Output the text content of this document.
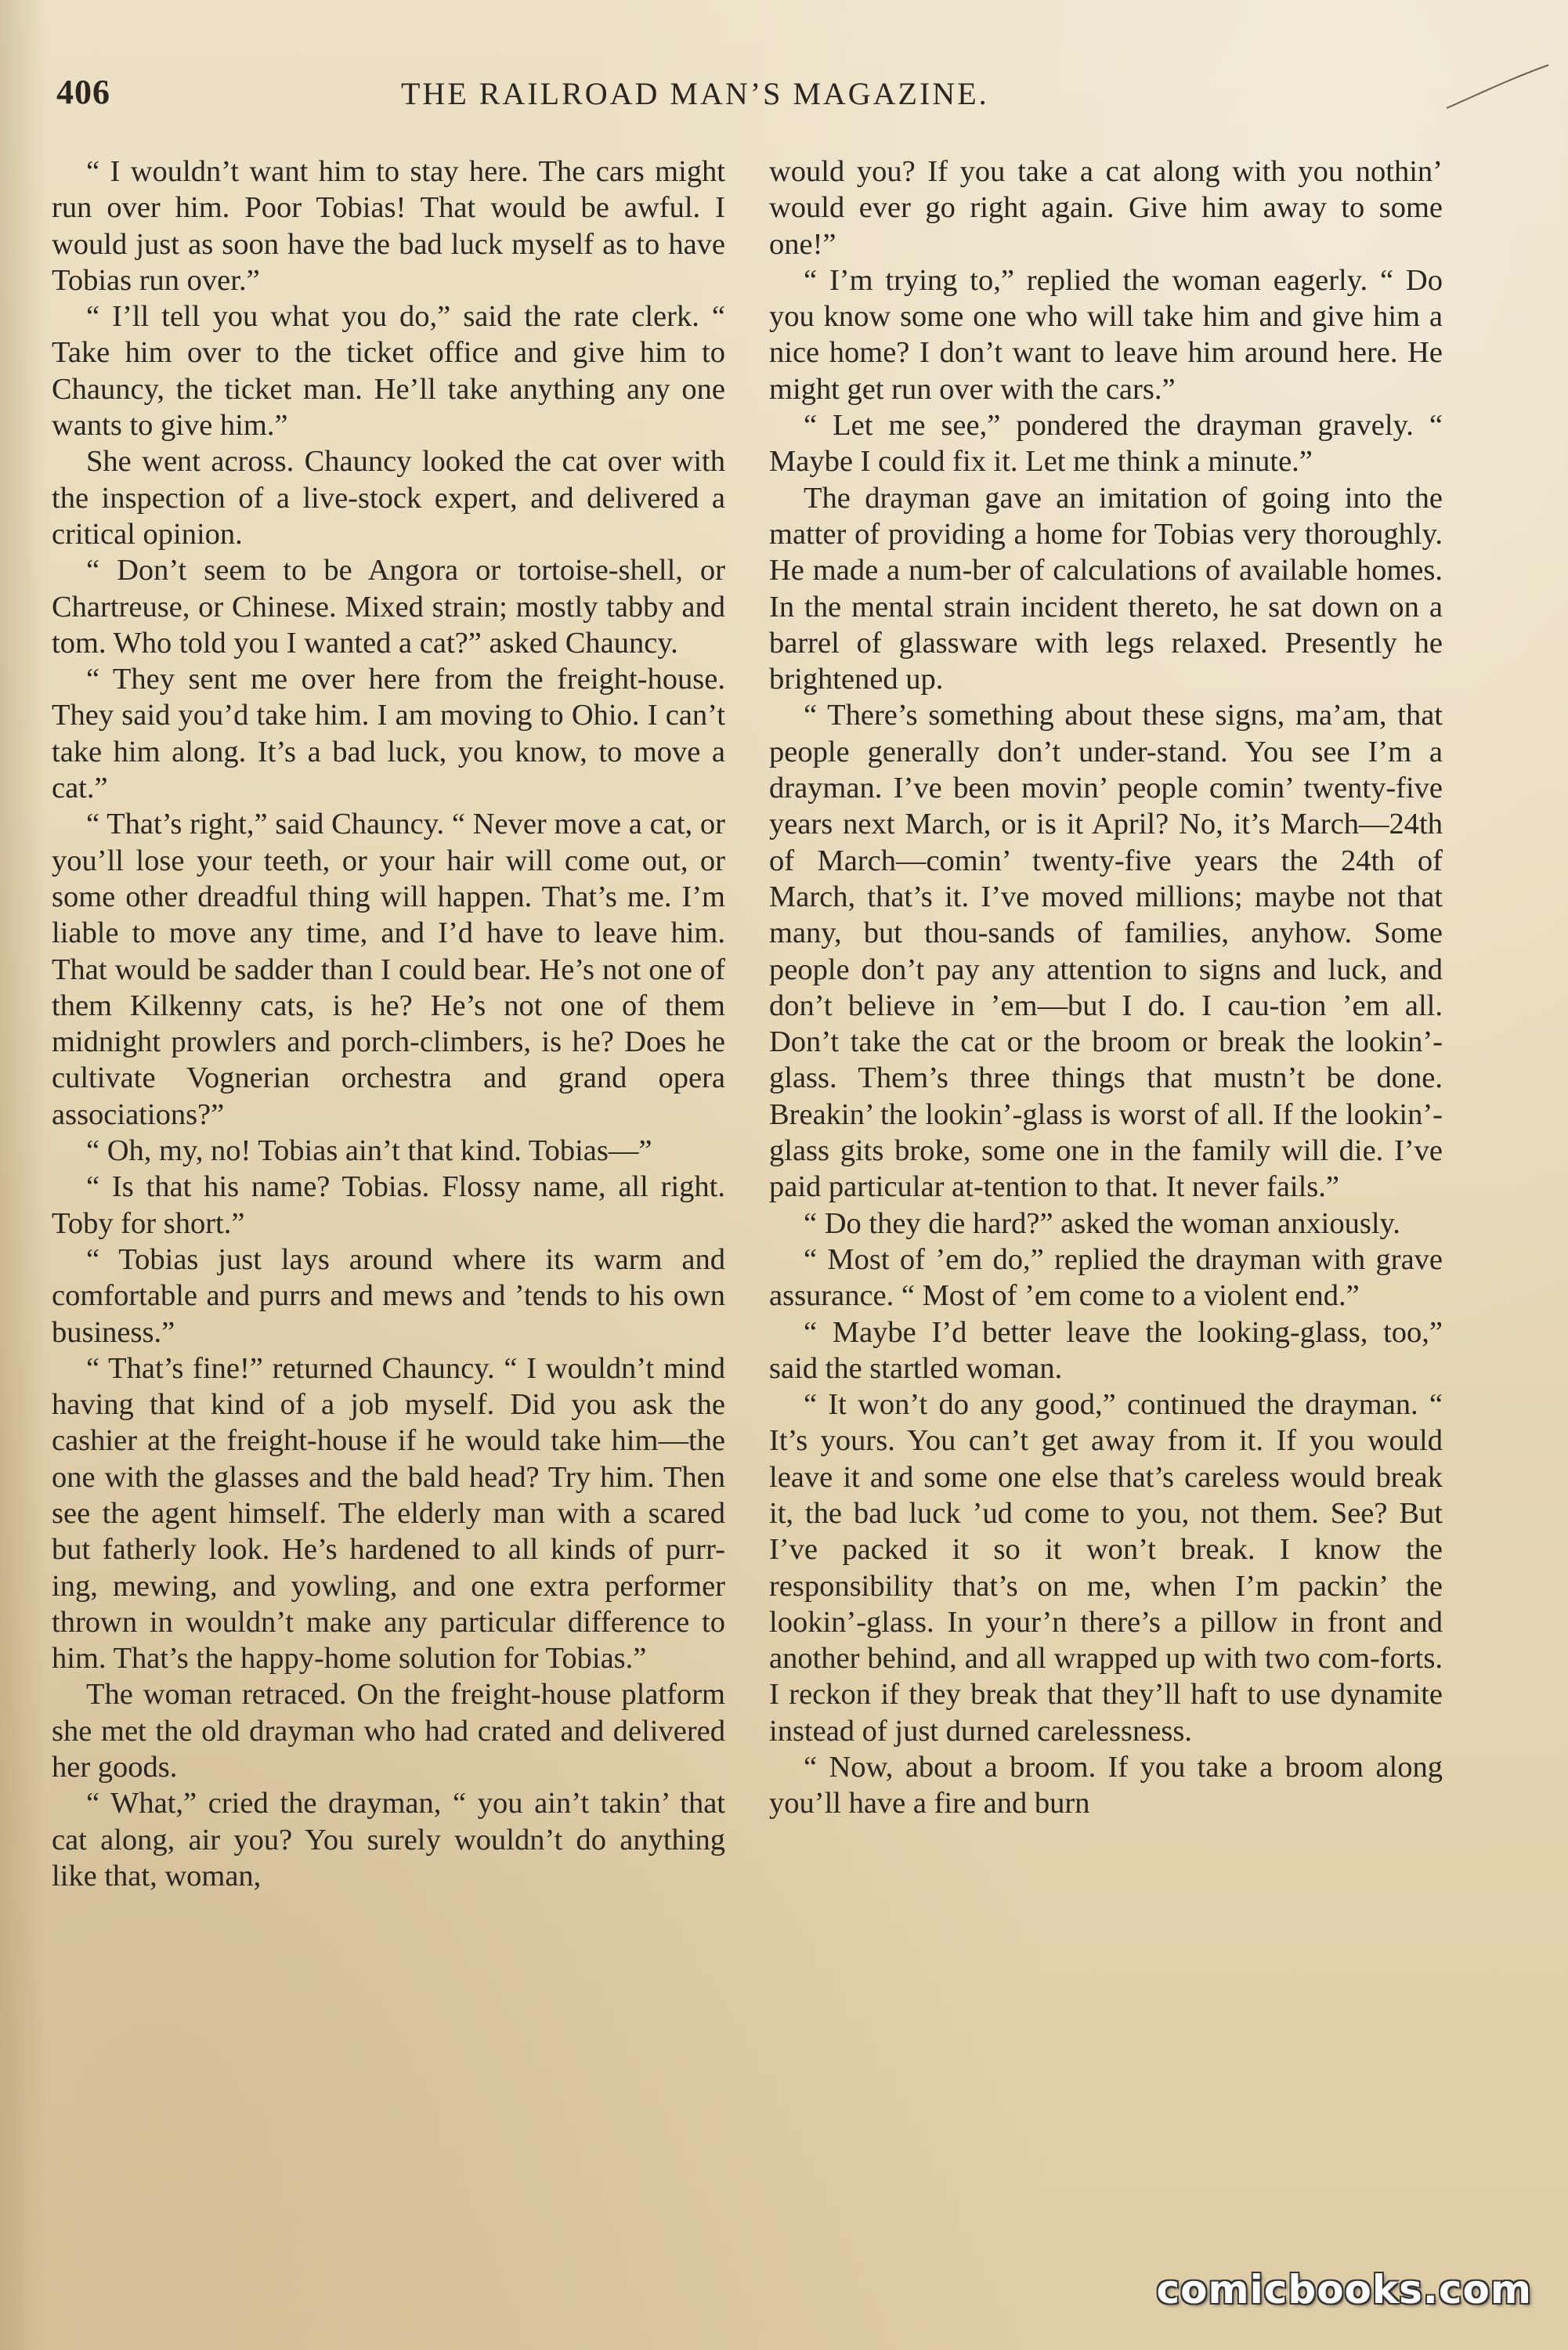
406	THE RAILROAD MAN’S MAGAZINE.

“ I wouldn’t want him to stay here. The cars might run over him. Poor Tobias! That would be awful. I would just as soon have the bad luck myself as to have Tobias run over.”

“ I’ll tell you what you do,” said the rate clerk. “ Take him over to the ticket office and give him to Chauncy, the ticket man. He’ll take anything any one wants to give him.”

She went across. Chauncy looked the cat over with the inspection of a live-stock expert, and delivered a critical opinion.

“ Don’t seem to be Angora or tortoise-shell, or Chartreuse, or Chinese. Mixed strain; mostly tabby and tom. Who told you I wanted a cat?” asked Chauncy.

“ They sent me over here from the freight-house. They said you’d take him. I am moving to Ohio. I can’t take him along. It’s a bad luck, you know, to move a cat.”

“ That’s right,” said Chauncy. “ Never move a cat, or you’ll lose your teeth, or your hair will come out, or some other dreadful thing will happen. That’s me. I’m liable to move any time, and I’d have to leave him. That would be sadder than I could bear. He’s not one of them Kilkenny cats, is he? He’s not one of them midnight prowlers and porch-climbers, is he? Does he cultivate Vognerian orchestra and grand opera associations?”

“ Oh, my, no! Tobias ain’t that kind. Tobias—”

“ Is that his name? Tobias. Flossy name, all right. Toby for short.”

“ Tobias just lays around where its warm and comfortable and purrs and mews and ’tends to his own business.”

“ That’s fine!” returned Chauncy. “ I wouldn’t mind having that kind of a job myself. Did you ask the cashier at the freight-house if he would take him—the one with the glasses and the bald head? Try him. Then see the agent himself. The elderly man with a scared but fatherly look. He’s hardened to all kinds of purr-ing, mewing, and yowling, and one extra performer thrown in wouldn’t make any particular difference to him. That’s the happy-home solution for Tobias.”

The woman retraced. On the freight-house platform she met the old drayman who had crated and delivered her goods.

“ What,” cried the drayman, “ you ain’t takin’ that cat along, air you? You surely wouldn’t do anything like that, woman,

would you? If you take a cat along with you nothin’ would ever go right again. Give him away to some one!”

“ I’m trying to,” replied the woman eagerly. “ Do you know some one who will take him and give him a nice home? I don’t want to leave him around here. He might get run over with the cars.”

“ Let me see,” pondered the drayman gravely. “ Maybe I could fix it. Let me think a minute.”

The drayman gave an imitation of going into the matter of providing a home for Tobias very thoroughly. He made a num-ber of calculations of available homes. In the mental strain incident thereto, he sat down on a barrel of glassware with legs relaxed. Presently he brightened up.

“ There’s something about these signs, ma’am, that people generally don’t under-stand. You see I’m a drayman. I’ve been movin’ people comin’ twenty-five years next March, or is it April? No, it’s March—24th of March—comin’ twenty-five years the 24th of March, that’s it. I’ve moved millions; maybe not that many, but thou-sands of families, anyhow. Some people don’t pay any attention to signs and luck, and don’t believe in ’em—but I do. I cau-tion ’em all. Don’t take the cat or the broom or break the lookin’-glass. Them’s three things that mustn’t be done. Breakin’ the lookin’-glass is worst of all. If the lookin’-glass gits broke, some one in the family will die. I’ve paid particular at-tention to that. It never fails.”

“ Do they die hard?” asked the woman anxiously.

“ Most of ’em do,” replied the drayman with grave assurance. “ Most of ’em come to a violent end.”

“ Maybe I’d better leave the looking-glass, too,” said the startled woman.

“ It won’t do any good,” continued the drayman. “ It’s yours. You can’t get away from it. If you would leave it and some one else that’s careless would break it, the bad luck ’ud come to you, not them. See? But I’ve packed it so it won’t break. I know the responsibility that’s on me, when I’m packin’ the lookin’-glass. In your’n there’s a pillow in front and another behind, and all wrapped up with two com-forts. I reckon if they break that they’ll haft to use dynamite instead of just durned carelessness.

“ Now, about a broom. If you take a broom along you’ll have a fire and burn

comicbooks.com
